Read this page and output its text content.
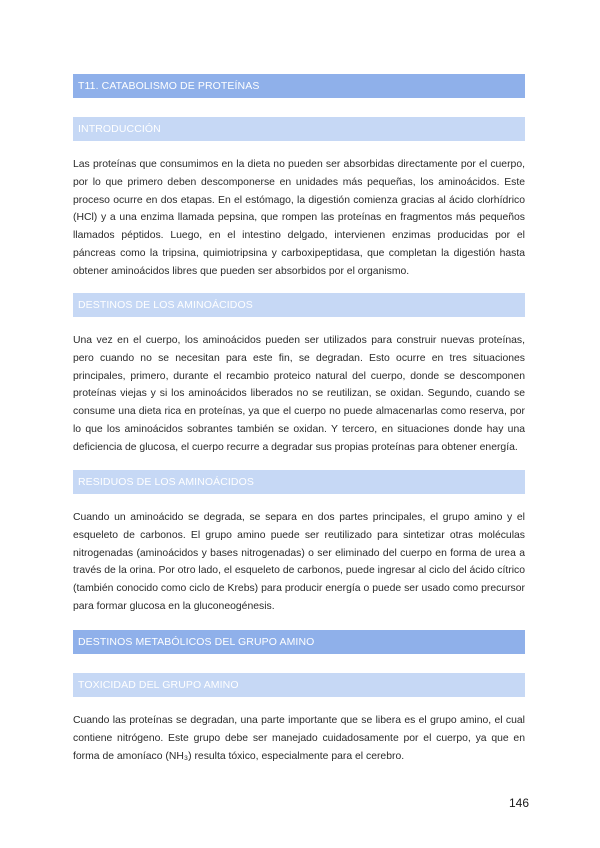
T11. CATABOLISMO DE PROTEÍNAS
INTRODUCCIÓN

Las proteínas que consumimos en la dieta no pueden ser absorbidas directamente por el cuerpo, por lo que primero deben descomponerse en unidades más pequeñas, los aminoácidos. Este proceso ocurre en dos etapas. En el estómago, la digestión comienza gracias al ácido clorhídrico (HCl) y a una enzima llamada pepsina, que rompen las proteínas en fragmentos más pequeños llamados péptidos. Luego, en el intestino delgado, intervienen enzimas producidas por el páncreas como la tripsina, quimiotripsina y carboxipeptidasa, que completan la digestión hasta obtener aminoácidos libres que pueden ser absorbidos por el organismo.

DESTINOS DE LOS AMINOÁCIDOS

Una vez en el cuerpo, los aminoácidos pueden ser utilizados para construir nuevas proteínas, pero cuando no se necesitan para este fin, se degradan. Esto ocurre en tres situaciones principales, primero, durante el recambio proteico natural del cuerpo, donde se descomponen proteínas viejas y si los aminoácidos liberados no se reutilizan, se oxidan. Segundo, cuando se consume una dieta rica en proteínas, ya que el cuerpo no puede almacenarlas como reserva, por lo que los aminoácidos sobrantes también se oxidan. Y tercero, en situaciones donde hay una deficiencia de glucosa, el cuerpo recurre a degradar sus propias proteínas para obtener energía.

RESIDUOS DE LOS AMINOÁCIDOS

Cuando un aminoácido se degrada, se separa en dos partes principales, el grupo amino y el esqueleto de carbonos. El grupo amino puede ser reutilizado para sintetizar otras moléculas nitrogenadas (aminoácidos y bases nitrogenadas) o ser eliminado del cuerpo en forma de urea a través de la orina. Por otro lado, el esqueleto de carbonos, puede ingresar al ciclo del ácido cítrico (también conocido como ciclo de Krebs) para producir energía o puede ser usado como precursor para formar glucosa en la gluconeogénesis.

DESTINOS METABÓLICOS DEL GRUPO AMINO
TOXICIDAD DEL GRUPO AMINO

Cuando las proteínas se degradan, una parte importante que se libera es el grupo amino, el cual contiene nitrógeno. Este grupo debe ser manejado cuidadosamente por el cuerpo, ya que en forma de amoníaco (NH₃) resulta tóxico, especialmente para el cerebro.

146
